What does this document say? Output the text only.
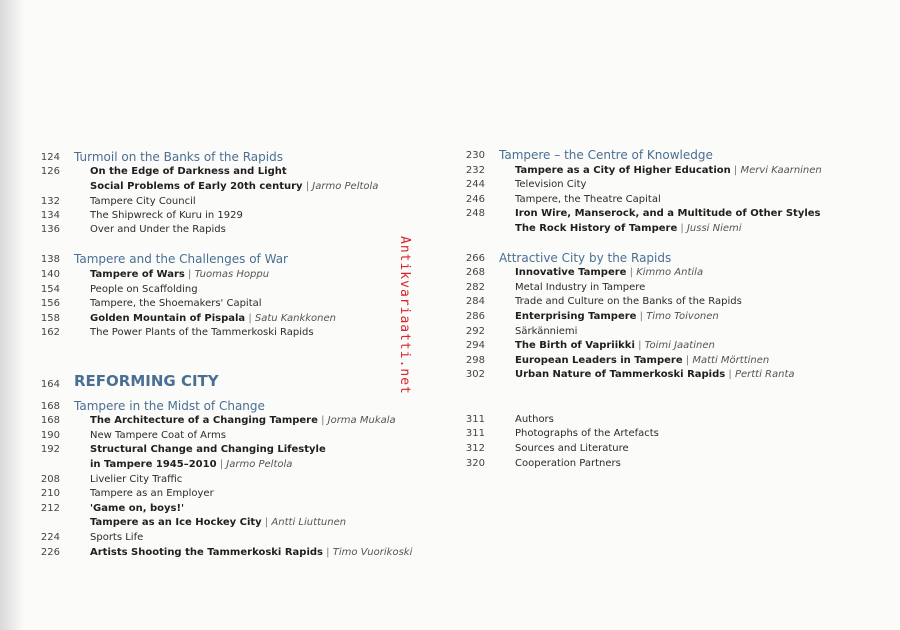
124 Turmoil on the Banks of the Rapids
126	On the Edge of Darkness and Light
Social Problems of Early 20th century | Jarmo Peltola
132	Tampere City Council
134	The Shipwreck of Kuru in 1929
136	Over and Under the Rapids
138 Tampere and the Challenges of War
140	Tampere of Wars | Tuomas Hoppu
154	People on Scaffolding
156	Tampere, the Shoemakers' Capital
158	Golden Mountain of Pispala | Satu Kankkonen
162	The Power Plants of the Tammerkoski Rapids
164 REFORMING CITY
168 Tampere in the Midst of Change
168	The Architecture of a Changing Tampere | Jorma Mukala
190	New Tampere Coat of Arms
192	Structural Change and Changing Lifestyle
in Tampere 1945–2010 | Jarmo Peltola
208	Livelier City Traffic
210	Tampere as an Employer
212	'Game on, boys!'
Tampere as an Ice Hockey City | Antti Liuttunen
224	Sports Life
226	Artists Shooting the Tammerkoski Rapids | Timo Vuorikoski
230 Tampere – the Centre of Knowledge
232	Tampere as a City of Higher Education | Mervi Kaarninen
244	Television City
246	Tampere, the Theatre Capital
248	Iron Wire, Manserock, and a Multitude of Other Styles
The Rock History of Tampere | Jussi Niemi
266 Attractive City by the Rapids
268	Innovative Tampere | Kimmo Antila
282	Metal Industry in Tampere
284	Trade and Culture on the Banks of the Rapids
286	Enterprising Tampere | Timo Toivonen
292	Särkänniemi
294	The Birth of Vapriikki | Toimi Jaatinen
298	European Leaders in Tampere | Matti Mörttinen
302	Urban Nature of Tammerkoski Rapids | Pertti Ranta
311	Authors
311	Photographs of the Artefacts
312	Sources and Literature
320	Cooperation Partners
Antikvariaatti.net
